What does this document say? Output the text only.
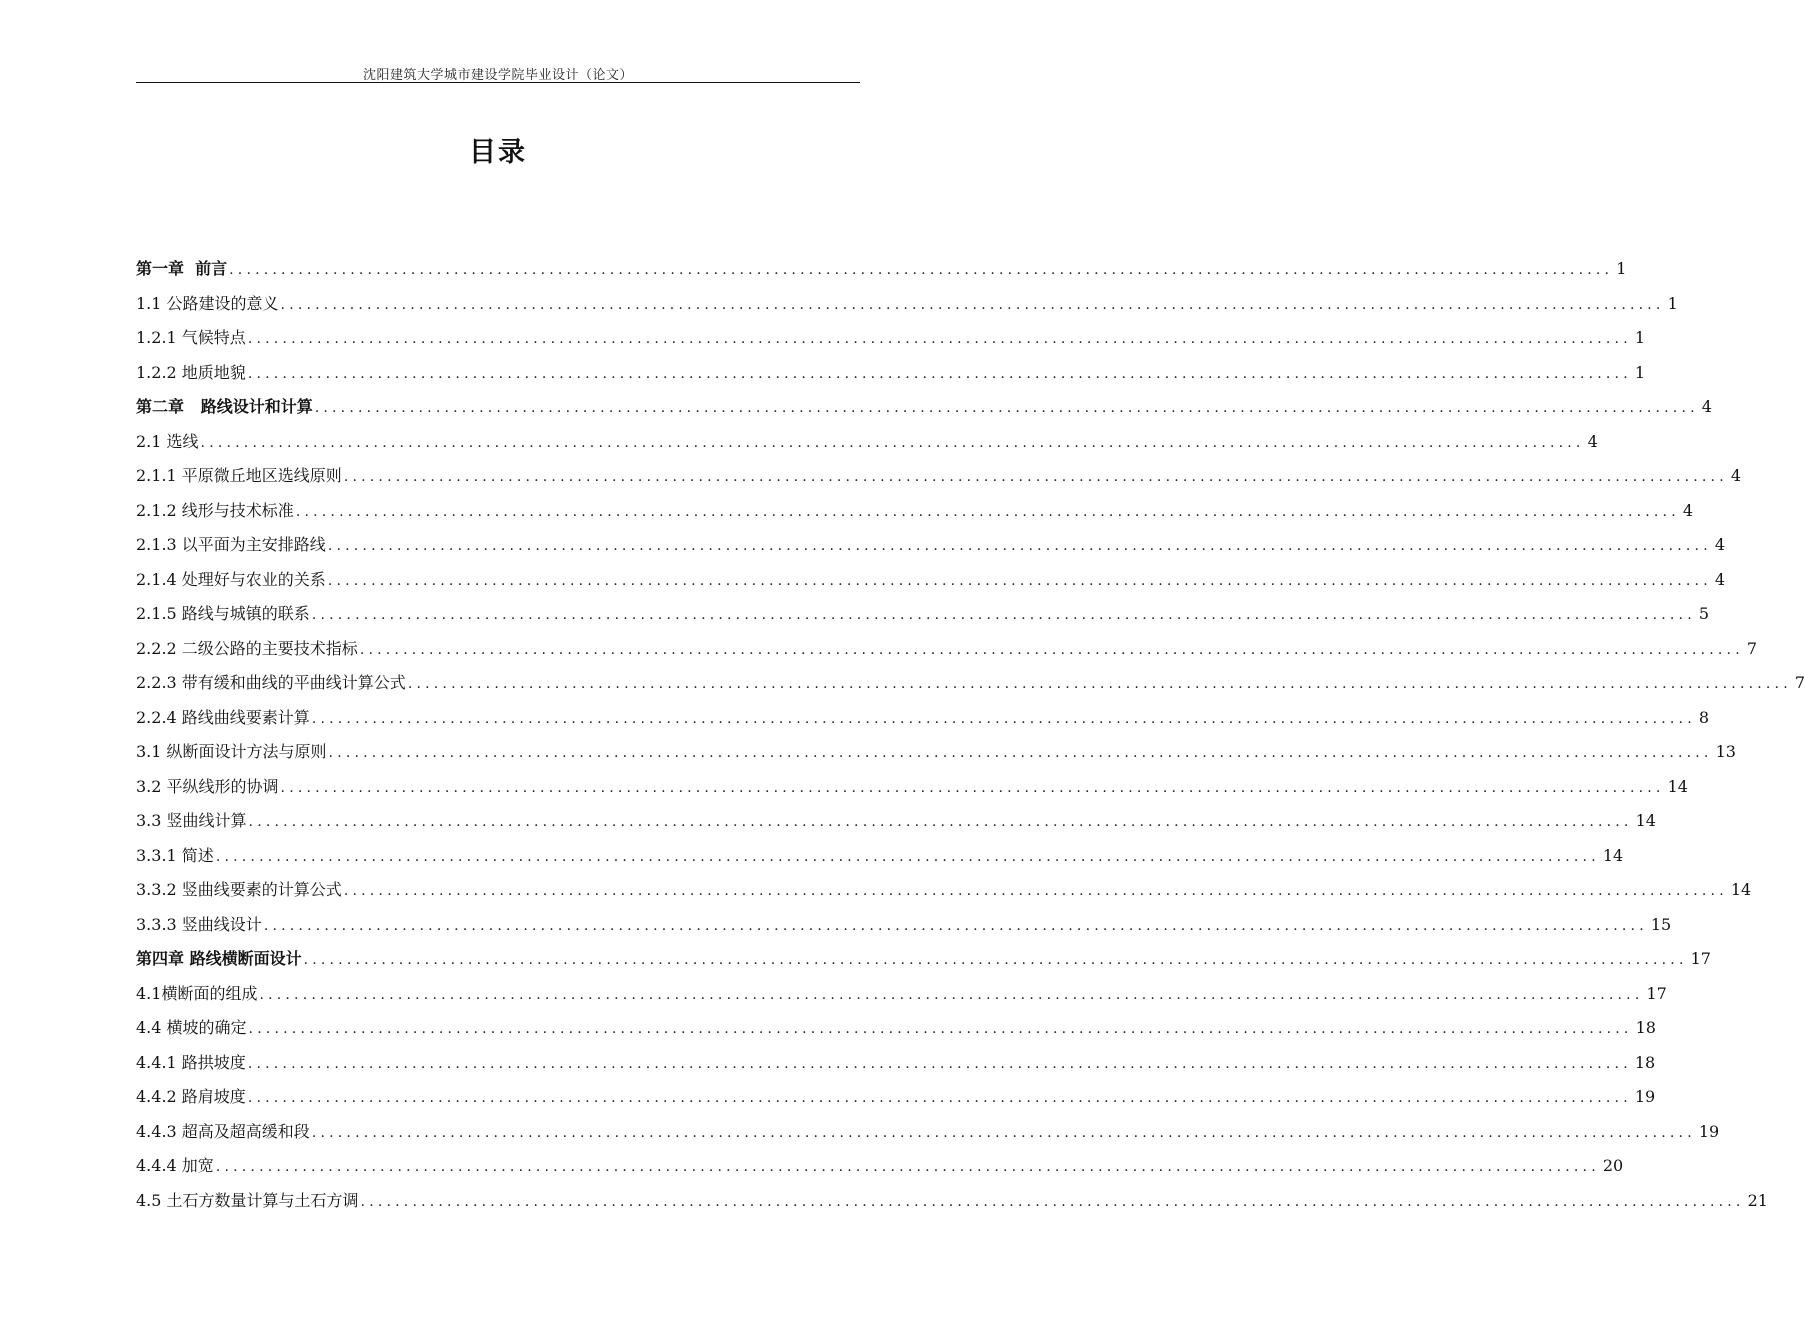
沈阳建筑大学城市建设学院毕业设计（论文）
目录
第一章  前言 ................................................................................................................................................................ 1
1.1 公路建设的意义 ................................................................................................................................................................ 1
1.2.1 气候特点 ................................................................................................................................................................ 1
1.2.2 地质地貌 ................................................................................................................................................................ 1
第二章   路线设计和计算 ................................................................................................................................................................ 4
2.1 选线 ................................................................................................................................................................ 4
2.1.1 平原微丘地区选线原则 ................................................................................................................................................................ 4
2.1.2 线形与技术标准 ................................................................................................................................................................ 4
2.1.3 以平面为主安排路线 ................................................................................................................................................................ 4
2.1.4 处理好与农业的关系 ................................................................................................................................................................ 4
2.1.5 路线与城镇的联系 ................................................................................................................................................................ 5
2.2.2 二级公路的主要技术指标 ................................................................................................................................................................ 7
2.2.3 带有缓和曲线的平曲线计算公式 ................................................................................................................................................................ 7
2.2.4 路线曲线要素计算 ................................................................................................................................................................ 8
3.1 纵断面设计方法与原则 ................................................................................................................................................................ 13
3.2 平纵线形的协调 ................................................................................................................................................................ 14
3.3 竖曲线计算 ................................................................................................................................................................ 14
3.3.1 简述 ................................................................................................................................................................ 14
3.3.2 竖曲线要素的计算公式 ................................................................................................................................................................ 14
3.3.3 竖曲线设计 ................................................................................................................................................................ 15
第四章 路线横断面设计 ................................................................................................................................................................ 17
4.1横断面的组成 ................................................................................................................................................................ 17
4.4 横坡的确定 ................................................................................................................................................................ 18
4.4.1 路拱坡度 ................................................................................................................................................................ 18
4.4.2 路肩坡度 ................................................................................................................................................................ 19
4.4.3 超高及超高缓和段 ................................................................................................................................................................ 19
4.4.4 加宽 ................................................................................................................................................................ 20
4.5 土石方数量计算与土石方调 ................................................................................................................................................................ 21
